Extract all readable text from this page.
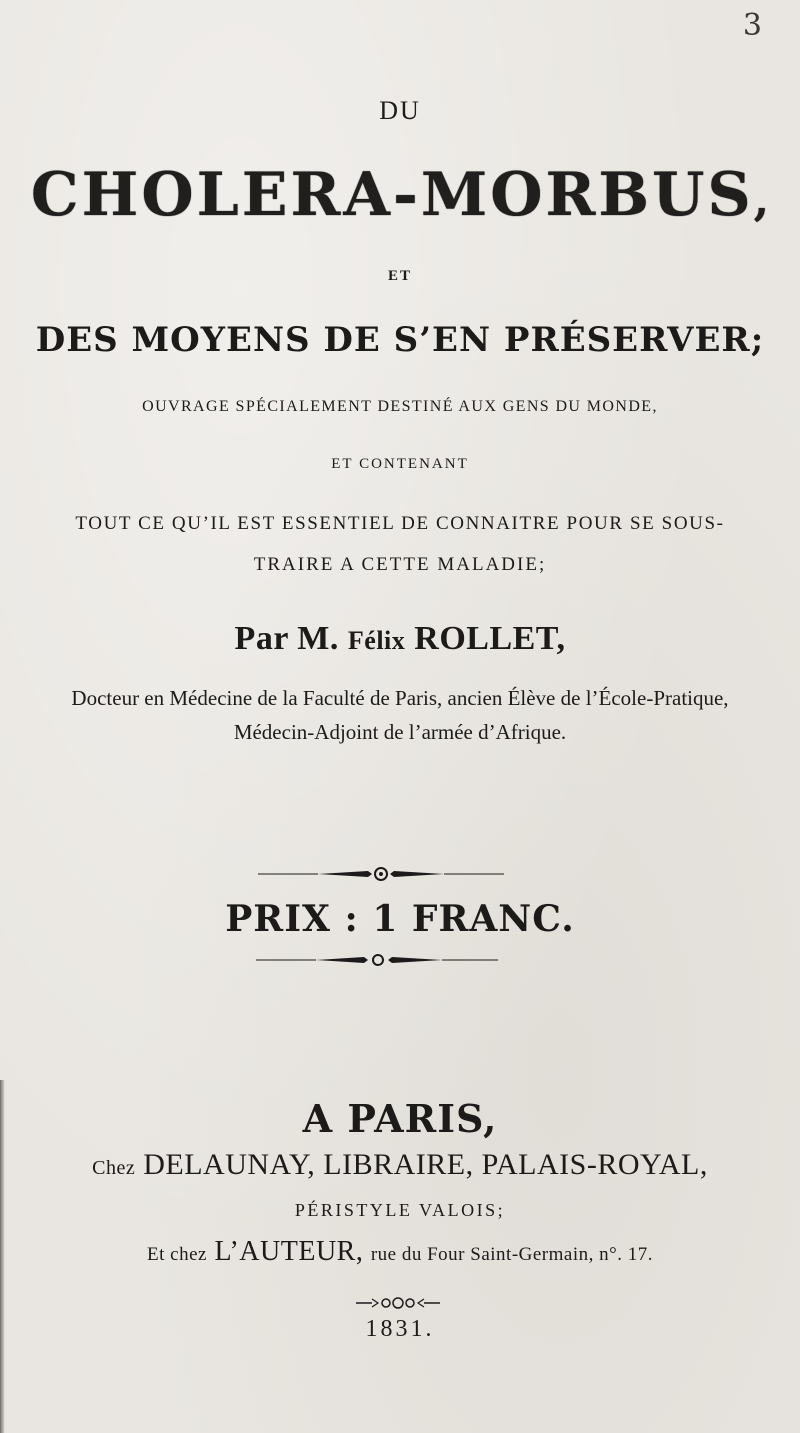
3
DU
CHOLERA-MORBUS,
ET
DES MOYENS DE S’EN PRÉSERVER;
OUVRAGE SPÉCIALEMENT DESTINÉ AUX GENS DU MONDE,
ET CONTENANT
TOUT CE QU’IL EST ESSENTIEL DE CONNAITRE POUR SE SOUS-
TRAIRE A CETTE MALADIE;
Par M. Félix ROLLET,
Docteur en Médecine de la Faculté de Paris, ancien Élève de l’École-Pratique,
Médecin-Adjoint de l’armée d’Afrique.
PRIX : 1 FRANC.
A PARIS,
Chez DELAUNAY, LIBRAIRE, PALAIS-ROYAL,
PÉRISTYLE VALOIS;
Et chez L’AUTEUR, rue du Four Saint-Germain, n°. 17.
1831.
